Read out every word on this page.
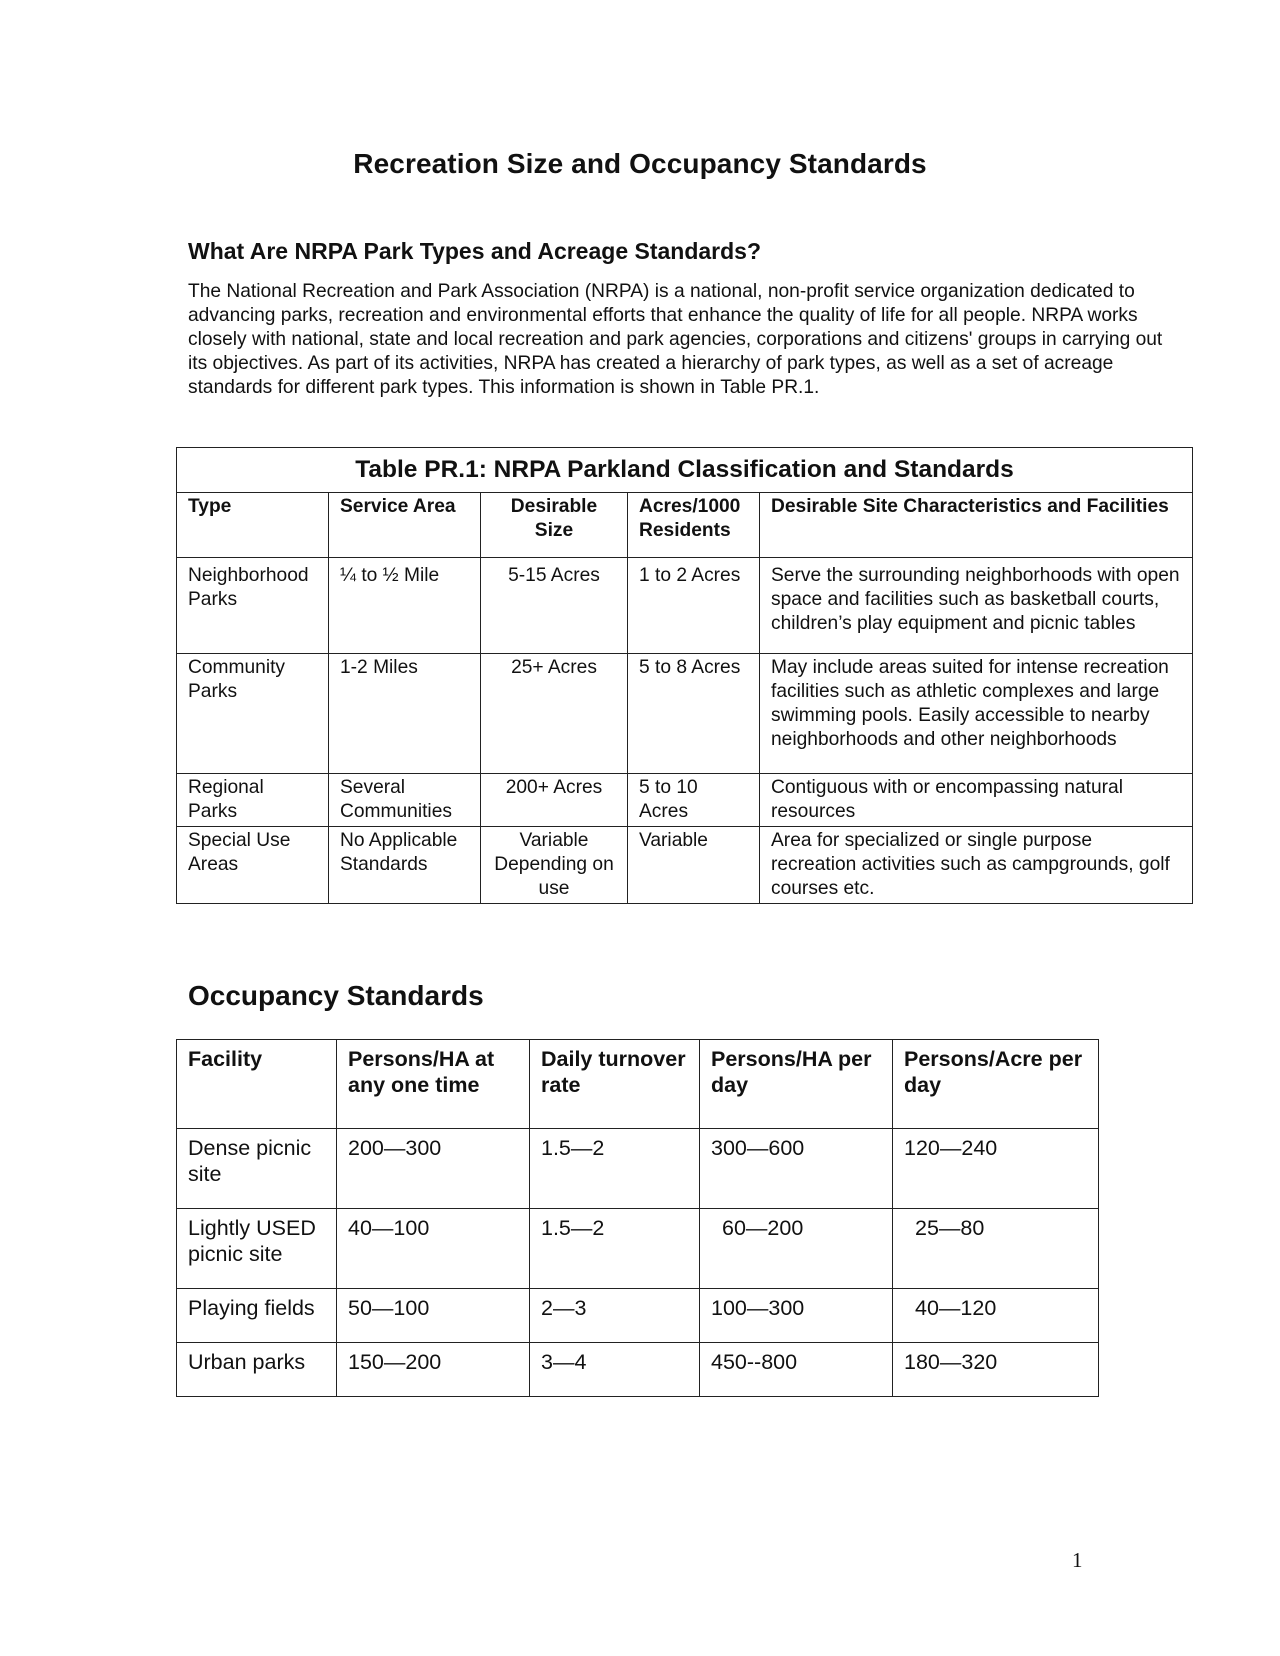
Recreation Size and Occupancy Standards
What Are NRPA Park Types and Acreage Standards?

The National Recreation and Park Association (NRPA) is a national, non-profit service organization dedicated to advancing parks, recreation and environmental efforts that enhance the quality of life for all people. NRPA works closely with national, state and local recreation and park agencies, corporations and citizens' groups in carrying out its objectives. As part of its activities, NRPA has created a hierarchy of park types, as well as a set of acreage standards for different park types. This information is shown in Table PR.1.

Table PR.1: NRPA Parkland Classification and Standards				
Type	Service Area	Desirable Size	Acres/1000 Residents	Desirable Site Characteristics and Facilities
Neighborhood Parks	¼ to ½ Mile	5-15 Acres	1 to 2 Acres	Serve the surrounding neighborhoods with open space and facilities such as basketball courts, children’s play equipment and picnic tables
Community Parks	1-2 Miles	25+ Acres	5 to 8 Acres	May include areas suited for intense recreation facilities such as athletic complexes and large swimming pools. Easily accessible to nearby neighborhoods and other neighborhoods
Regional Parks	Several Communities	200+ Acres	5 to 10 Acres	Contiguous with or encompassing natural resources
Special Use Areas	No Applicable Standards	Variable Depending on use	Variable	Area for specialized or single purpose recreation activities such as campgrounds, golf courses etc.
Occupancy Standards
Facility	Persons/HA at any one time	Daily turnover rate	Persons/HA per day	Persons/Acre per day
Dense picnic site	200—300	1.5—2	300—600	120—240
Lightly USED picnic site	40—100	1.5—2	60—200	25—80
Playing fields	50—100	2—3	100—300	40—120
Urban parks	150—200	3—4	450--800	180—320

1
